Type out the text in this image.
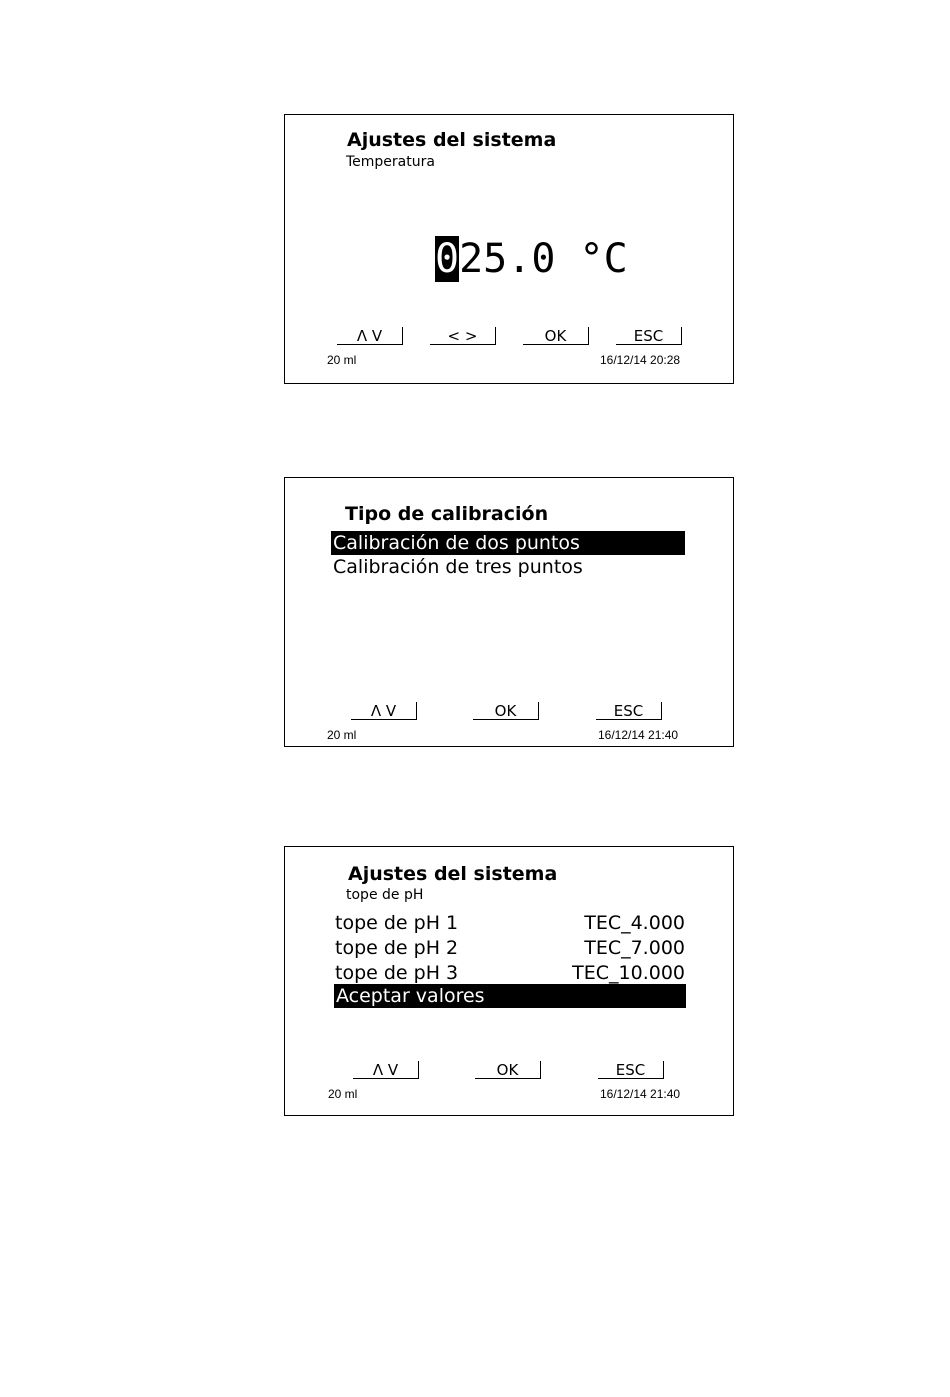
Ajustes del sistema
Temperatura
025.0 °C
Λ V	< >	OK	ESC
20 ml	16/12/14 20:28
Tipo de calibración
Calibración de dos puntos
Calibración de tres puntos
Λ V	OK	ESC
20 ml	16/12/14 21:40
Ajustes del sistema
tope de pH
tope de pH 1	TEC_4.000
tope de pH 2	TEC_7.000
tope de pH 3	TEC_10.000
Aceptar valores
Λ V	OK	ESC
20 ml	16/12/14 21:40
